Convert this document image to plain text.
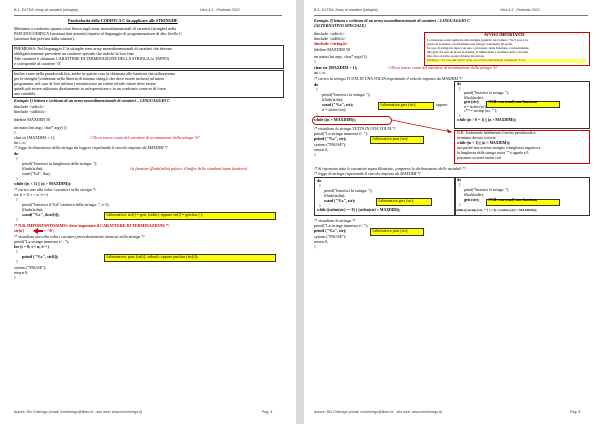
B-1: EXTRA: Array di caratteri (stringhe)	Vers.4.3 - Febbraio 2022
Particolarità della CODIFICA C da applicare alle STRINGHE
Mettiamo a confronto quanto visto finora sugli array monodimensionali di caratteri (stringhe) nella
PSEUDOCODIFICA (struttura dati astratta) rispetto al linguaggio di programmazione di alto livello C
(struttura dati prevista dalla sintassi).
PREMESSA: Nel linguaggio C le stringhe sono array monodimensionali di caratteri che devono
obbligatoriamente prevedere un carattere speciale che indichi la loro fine.
Tale carattere è chiamato CARATTERE DI TERMINAZIONE DELLA STRINGA (o TAPPO)
e corrisponde al carattere '\0'.
Inoltre come nella pseudocodifica, anche in questo caso la chiamata alle funzioni che utilizzeremo
per le stringhe (contenute nella libreria di sistema string.h che deve essere inclusa) ad inizio
programma, nel caso di loro utilizzo) restituiscono un valore ed tale valore deve essere
quindi più essere utilizzato direttamente in un'espressione o in un confronto come se di fosse
una variabile.
Esempio 1) lettura e scrittura di un array monodimensionale di caratteri – LINGUAGGIO C
#include <stdio.h>
#include <stdlib.h>
#define MAXDIM 50
int main (int argc, char* argv[ ])
{
char str [MAXDIM + 1];	// Devo tenere conto del carattere di terminazione della stringa '\0'
int i, n;
/* leggo la dimensione della stringa da leggere rispettando il vincolo imposto da MAXDIM */
do
{
printf("Inserisci la lunghezza della stringa: ");
fflush(stdin);	//a funzione fflush(stdin) pulisce il buffer dello standard input (tastiera)
scanf("%d", &n);
}
while ((n < 1) || (n > MAXDIM));
/* carico uno alla volta i caratteri nella stringa */
for (i = 0; i < n; i++)
{
printf("Inserisci il %d° carattere della stringa: ", i+1);
fflush(stdin);
scanf("%c", &str[i]);	//alternativa: str[i] = getc (stdin); oppure str[i] = getchar ( );
}
/* N.B. IMPORTANTISSIMO: devo impostare il CARATTERE DI TERMINAZIONE */
str[n]	= '\0';
/* visualizzo uno alla volta i caratteri precedentemente immessi nella stringa */
printf("La stringa immessa e' : ");
for (i = 0; i < n; i++)
{
printf ("%c", str[i]);	//alternativa: putc (str[i], stdout); oppure putchar (str[i]);
}
system ("PAUSE");
return 0;
}
Autore: Rio Chierego (email: riochierego@libero.it - sito web: www.riochierego.it)	Pag. 4
B-1: EXTRA: Array di caratteri (stringhe)	Vers.4.3 - Febbraio 2022
Esempio 2) lettura e scrittura di un array monodimensionale di caratteri – LINGUAGGIO C
(ALTERNATIVO SPECIALE)
#include <stdio.h>
#include <stdlib.h>
#include <string.h>
#define MAXDIM 50
int main (int argc, char* argv[ ])
{
char str [MAXDIM + 1];	// Devo tenere conto del carattere di terminazione della stringa '\0'
int i, n;
AVVISO IMPORTANTE
La funzione scanf applicata alle stringhe (quindi con formato "%s") non è in
grado di acquisire correttamente una stringa contenente gli spazi.
In caso di stringa in input con uno o più spazi, detta funzione, contrariamente
alla gets che non da alcun problema, si limiterebbe a restituire tutti i caratteri
fino fino al primo spazio (blank) incontrato.
Esempio: "La rosa del vento" letta con scanf restituirebbe solamente "La")
/* carico la stringa TUTTA IN UNA VOLTA rispettando il vincolo imposto da MAXDIM */
do
{
printf("Inserisci la stringa: ");
fflush(stdin);
scanf ("%s", str);	//alternativa gets (str);	oppure
n = strlen (str);
}
while ((n > MAXDIM));
do
{
printf("Inserisci la stringa: ");
fflush(stdin);
gets (str); //N.B. con scanf) non funziona
n = strlen (str);
c** = strcmp (str, "");
}
while ((n > 0 = 1) || (n > MAXDIM));
/* visualizzo la stringa TUTTA IN UNA VOLTA */
printf("La stringa immessa e': ");
printf ("%s", str);	//alternativa puts (str);
system ("PAUSE");
return 0;
}
N.B. Tradurendo fedelmente il nostro pseudocodice
avremmo dovuto scrivere
while ((n < 1) || (n > MAXDIM));
ma poiché non avremo stringhe a lunghezza negativa a
la lunghezza della stringa vuota "" è uguale a 0,
possiamo scrivere anche così
/* Si ripensato tutte le istruzioni sopra illustrate, compreso le dichiarazioni delle variabili */
/* leggo la stringa rispettando il vincolo imposto da MAXDIM */
do
{
printf("Inserisci la stringa: ");
fflush(stdin);
scanf ("%s", str);	//alternativa gets (str);
}
while ((strlen(str) == 0) || (strlen(str) > MAXDIM));
do
{
printf("Inserisci la stringa: ");
fflush(stdin);
gets (str); //N.B. con scanf) non funziona
}
while ((strcmp (str, "") == 0) || (strlen (str) > MAXDIM));
/* visualizzo la stringa */
printf("La stringa immessa e': ");
printf ("%s", str);	//alternativa puts (str);
system ("PAUSE");
return 0;
}
Autore: Rio Chierego (email: riochierego@libero.it - sito web: www.riochierego.it)	Pag. 5
